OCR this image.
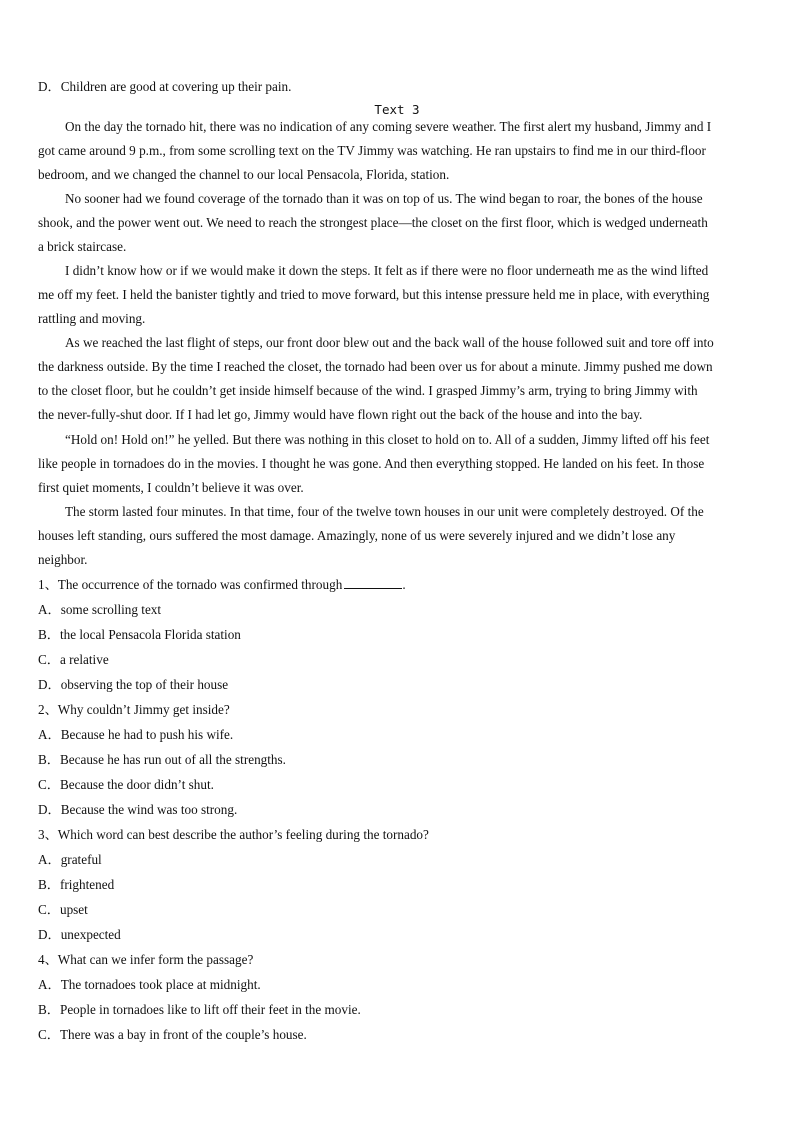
D．Children are good at covering up their pain.
Text 3
On the day the tornado hit, there was no indication of any coming severe weather. The first alert my husband, Jimmy and I
got came around 9 p.m., from some scrolling text on the TV Jimmy was watching. He ran upstairs to find me in our third-floor
bedroom, and we changed the channel to our local Pensacola, Florida, station.
No sooner had we found coverage of the tornado than it was on top of us. The wind began to roar, the bones of the house
shook, and the power went out. We need to reach the strongest place—the closet on the first floor, which is wedged underneath
a brick staircase.
I didn’t know how or if we would make it down the steps. It felt as if there were no floor underneath me as the wind lifted
me off my feet. I held the banister tightly and tried to move forward, but this intense pressure held me in place, with everything
rattling and moving.
As we reached the last flight of steps, our front door blew out and the back wall of the house followed suit and tore off into
the darkness outside. By the time I reached the closet, the tornado had been over us for about a minute. Jimmy pushed me down
to the closet floor, but he couldn’t get inside himself because of the wind. I grasped Jimmy’s arm, trying to bring Jimmy with
the never-fully-shut door. If I had let go, Jimmy would have flown right out the back of the house and into the bay.
“Hold on! Hold on!” he yelled. But there was nothing in this closet to hold on to. All of a sudden, Jimmy lifted off his feet
like people in tornadoes do in the movies. I thought he was gone. And then everything stopped. He landed on his feet. In those
first quiet moments, I couldn’t believe it was over.
The storm lasted four minutes. In that time, four of the twelve town houses in our unit were completely destroyed. Of the
houses left standing, ours suffered the most damage. Amazingly, none of us were severely injured and we didn’t lose any
neighbor.
1、The occurrence of the tornado was confirmed through	.
A．some scrolling text
B．the local Pensacola Florida station
C．a relative
D．observing the top of their house
2、Why couldn’t Jimmy get inside?
A．Because he had to push his wife.
B．Because he has run out of all the strengths.
C．Because the door didn’t shut.
D．Because the wind was too strong.
3、Which word can best describe the author’s feeling during the tornado?
A．grateful
B．frightened
C．upset
D．unexpected
4、What can we infer form the passage?
A．The tornadoes took place at midnight.
B．People in tornadoes like to lift off their feet in the movie.
C．There was a bay in front of the couple’s house.
